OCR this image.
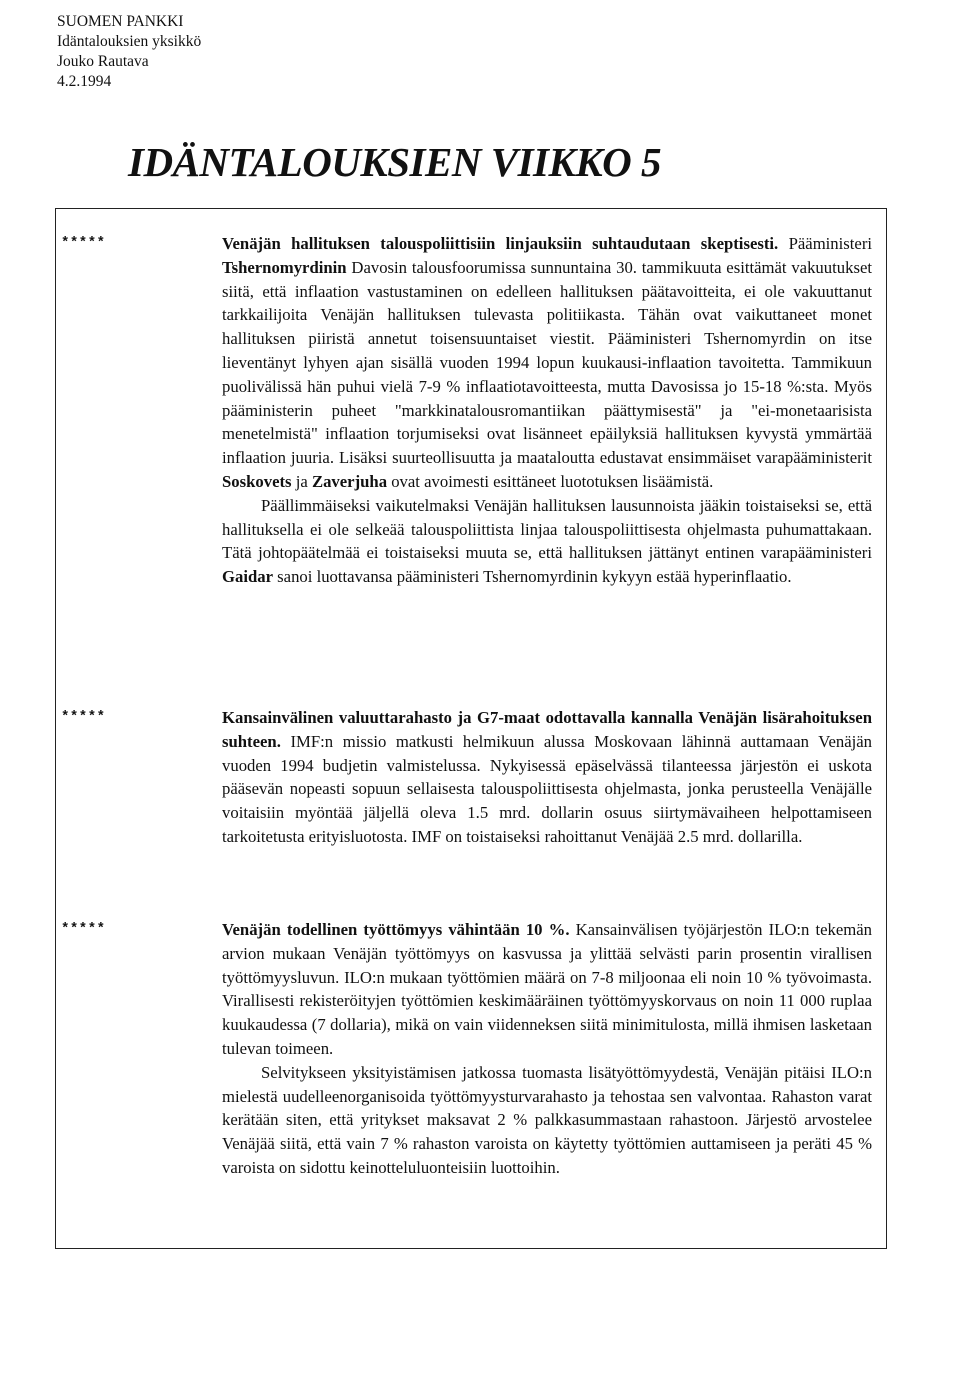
SUOMEN PANKKI
Idäntalouksien yksikkö
Jouko Rautava
4.2.1994
IDÄNTALOUKSIEN VIIKKO 5
*****	Venäjän hallituksen talouspoliittisiin linjauksiin suhtaudutaan skeptisesti. Pääministeri Tshernomyrdinin Davosin talousfoorumissa sunnuntaina 30. tammikuuta esittämät vakuutukset siitä, että inflaation vastustaminen on edelleen hallituksen päätavoitteita, ei ole vakuuttanut tarkkailijoita Venäjän hallituksen tulevasta politiikasta. Tähän ovat vaikuttaneet monet hallituksen piiristä annetut toisensuuntaiset viestit. Pääministeri Tshernomyrdin on itse lieventänyt lyhyen ajan sisällä vuoden 1994 lopun kuukausi-inflaation tavoitetta. Tammikuun puolivälissä hän puhui vielä 7-9 % inflaatiotavoitteesta, mutta Davosissa jo 15-18 %:sta. Myös pääministerin puheet "markkinatalousromantiikan päättymisestä" ja "ei-monetaarisista menetelmistä" inflaation torjumiseksi ovat lisänneet epäilyksiä hallituksen kyvystä ymmärtää inflaation juuria. Lisäksi suurteollisuutta ja maataloutta edustavat ensimmäiset varapääministerit Soskovets ja Zaverjuha ovat avoimesti esittäneet luototuksen lisäämistä.

Päällimmäiseksi vaikutelmaksi Venäjän hallituksen lausunnoista jääkin toistaiseksi se, että hallituksella ei ole selkeää talouspoliittista linjaa talouspoliittisesta ohjelmasta puhumattakaan. Tätä johtopäätelmää ei toistaiseksi muuta se, että hallituksen jättänyt entinen varapääministeri Gaidar sanoi luottavansa pääministeri Tshernomyrdinin kykyyn estää hyperinflaatio.

*****	Kansainvälinen valuuttarahasto ja G7-maat odottavalla kannalla Venäjän lisärahoituksen suhteen. IMF:n missio matkusti helmikuun alussa Moskovaan lähinnä auttamaan Venäjän vuoden 1994 budjetin valmistelussa. Nykyisessä epäselvässä tilanteessa järjestön ei uskota pääsevän nopeasti sopuun sellaisesta talouspoliittisesta ohjelmasta, jonka perusteella Venäjälle voitaisiin myöntää jäljellä oleva 1.5 mrd. dollarin osuus siirtymävaiheen helpottamiseen tarkoitetusta erityisluotosta. IMF on toistaiseksi rahoittanut Venäjää 2.5 mrd. dollarilla.

*****	Venäjän todellinen työttömyys vähintään 10 %. Kansainvälisen työjärjestön ILO:n tekemän arvion mukaan Venäjän työttömyys on kasvussa ja ylittää selvästi parin prosentin virallisen työttömyysluvun. ILO:n mukaan työttömien määrä on 7-8 miljoonaa eli noin 10 % työvoimasta. Virallisesti rekisteröityjen työttömien keskimääräinen työttömyyskorvaus on noin 11 000 ruplaa kuukaudessa (7 dollaria), mikä on vain viidenneksen siitä minimitulosta, millä ihmisen lasketaan tulevan toimeen.

Selvitykseen yksityistämisen jatkossa tuomasta lisätyöttömyydestä, Venäjän pitäisi ILO:n mielestä uudelleenorganisoida työttömyysturvarahasto ja tehostaa sen valvontaa. Rahaston varat kerätään siten, että yritykset maksavat 2 % palkkasummastaan rahastoon. Järjestö arvostelee Venäjää siitä, että vain 7 % rahaston varoista on käytetty työttömien auttamiseen ja peräti 45 % varoista on sidottu keinotteluluonteisiin luottoihin.
